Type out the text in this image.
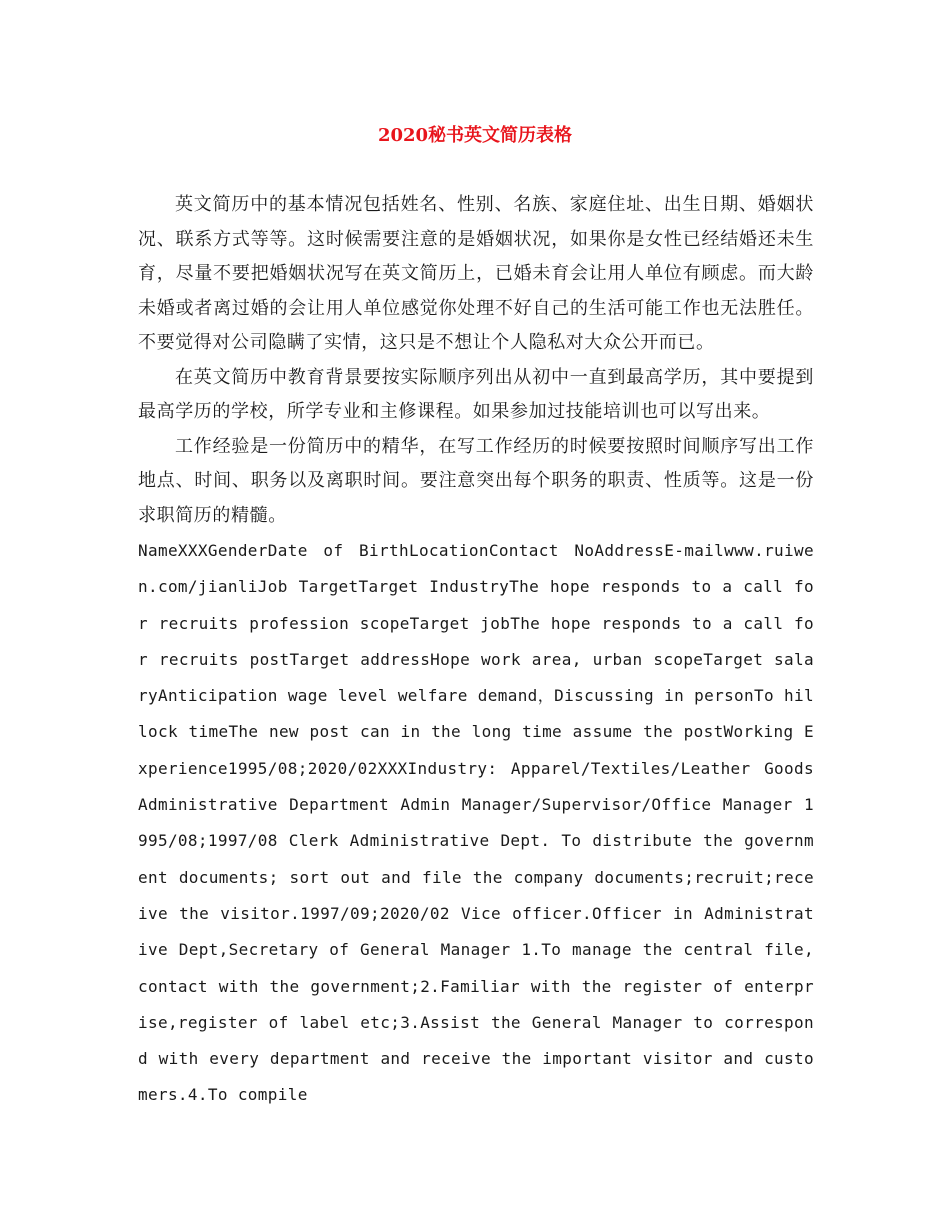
2020秘书英文简历表格

英文简历中的基本情况包括姓名、性别、名族、家庭住址、出生日期、婚姻状况、联系方式等等。这时候需要注意的是婚姻状况，如果你是女性已经结婚还未生育，尽量不要把婚姻状况写在英文简历上，已婚未育会让用人单位有顾虑。而大龄未婚或者离过婚的会让用人单位感觉你处理不好自己的生活可能工作也无法胜任。不要觉得对公司隐瞒了实情，这只是不想让个人隐私对大众公开而已。

在英文简历中教育背景要按实际顺序列出从初中一直到最高学历，其中要提到最高学历的学校，所学专业和主修课程。如果参加过技能培训也可以写出来。

工作经验是一份简历中的精华，在写工作经历的时候要按照时间顺序写出工作地点、时间、职务以及离职时间。要注意突出每个职务的职责、性质等。这是一份求职简历的精髓。

NameXXXGenderDate of BirthLocationContact NoAddressE-mailwww.ruiwen.com/jianliJob TargetTarget IndustryThe hope responds to a call for recruits profession scopeTarget jobThe hope responds to a call for recruits postTarget addressHope work area, urban scopeTarget salaryAnticipation wage level welfare demand，Discussing in personTo hillock timeThe new post can in the long time assume the postWorking Experience1995/08;2020/02XXXIndustry: Apparel/Textiles/Leather GoodsAdministrative Department Admin Manager/Supervisor/Office Manager 1995/08;1997/08 Clerk Administrative Dept. To distribute the government documents; sort out and file the company documents;recruit;receive the visitor.1997/09;2020/02 Vice officer.Officer in Administrative Dept,Secretary of General Manager 1.To manage the central file,contact with the government;2.Familiar with the register of enterprise,register of label etc;3.Assist the General Manager to correspond with every department and receive the important visitor and customers.4.To compile
